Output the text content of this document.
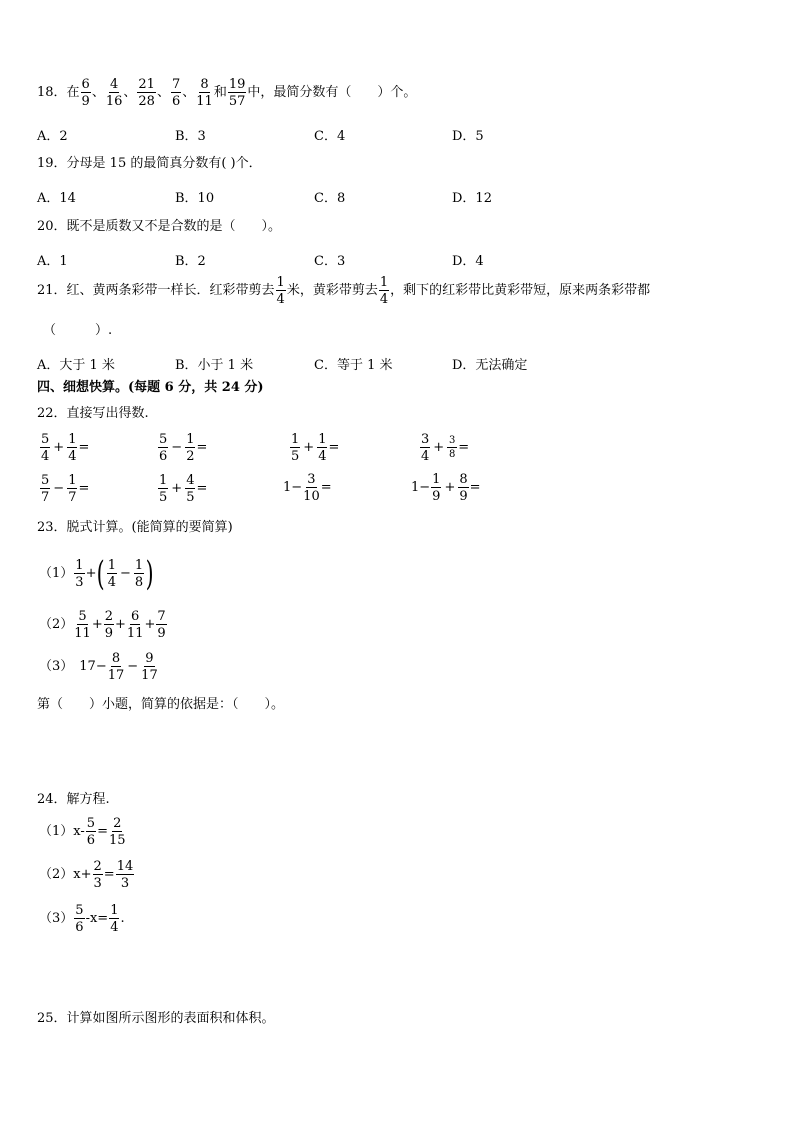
18．在 $\frac{6}{9}$ 、 $\frac{4}{16}$ 、 $\frac{21}{28}$ 、 $\frac{7}{6}$ 、 $\frac{8}{11}$ 和 $\frac{19}{57}$ 中，最简分数有（　　）个。
A．2	B．3	C．4	D．5
19．分母是 15 的最简真分数有( )个．
A．14	B．10	C．8	D．12
20．既不是质数又不是合数的是（　　）。
A．1	B．2	C．3	D．4
21．红、黄两条彩带一样长．红彩带剪去 $\frac{1}{4}$ 米，黄彩带剪去 $\frac{1}{4}$ ，剩下的红彩带比黄彩带短，原来两条彩带都
（　　　）.
A．大于 1 米	B．小于 1 米	C．等于 1 米	D．无法确定
四、细想快算。(每题 6 分，共 24 分)
22．直接写出得数.
$\frac{5}{4} + \frac{1}{4}$ =	$\frac{5}{6} - \frac{1}{2}$ =	$\frac{1}{5} + \frac{1}{4}$ =	$\frac{3}{4} + \frac{3}{8}$ =
$\frac{5}{7} - \frac{1}{7}$ =	$\frac{1}{5} + \frac{4}{5}$ =	$1- \frac{3}{10}$ =	$1- \frac{1}{9} + \frac{8}{9}$ =
23．脱式计算。(能简算的要简算)
$(1) \frac{1}{3}$ + ( $\frac{1}{4} - \frac{1}{8}$ )
$(2) \frac{5}{11} + \frac{2}{9} + \frac{6}{11} + \frac{7}{9}$
（3） $17- \frac{8}{17} - \frac{9}{17}$
第（　　）小题，简算的依据是：（　　）。
24．解方程.
（1） $x- \frac{5}{6} = \frac{2}{15}$
（2） $x+ \frac{2}{3} = \frac{14}{3}$
$(3) \frac{5}{6} -x= \frac{1}{4}$ .
25．计算如图所示图形的表面积和体积。
